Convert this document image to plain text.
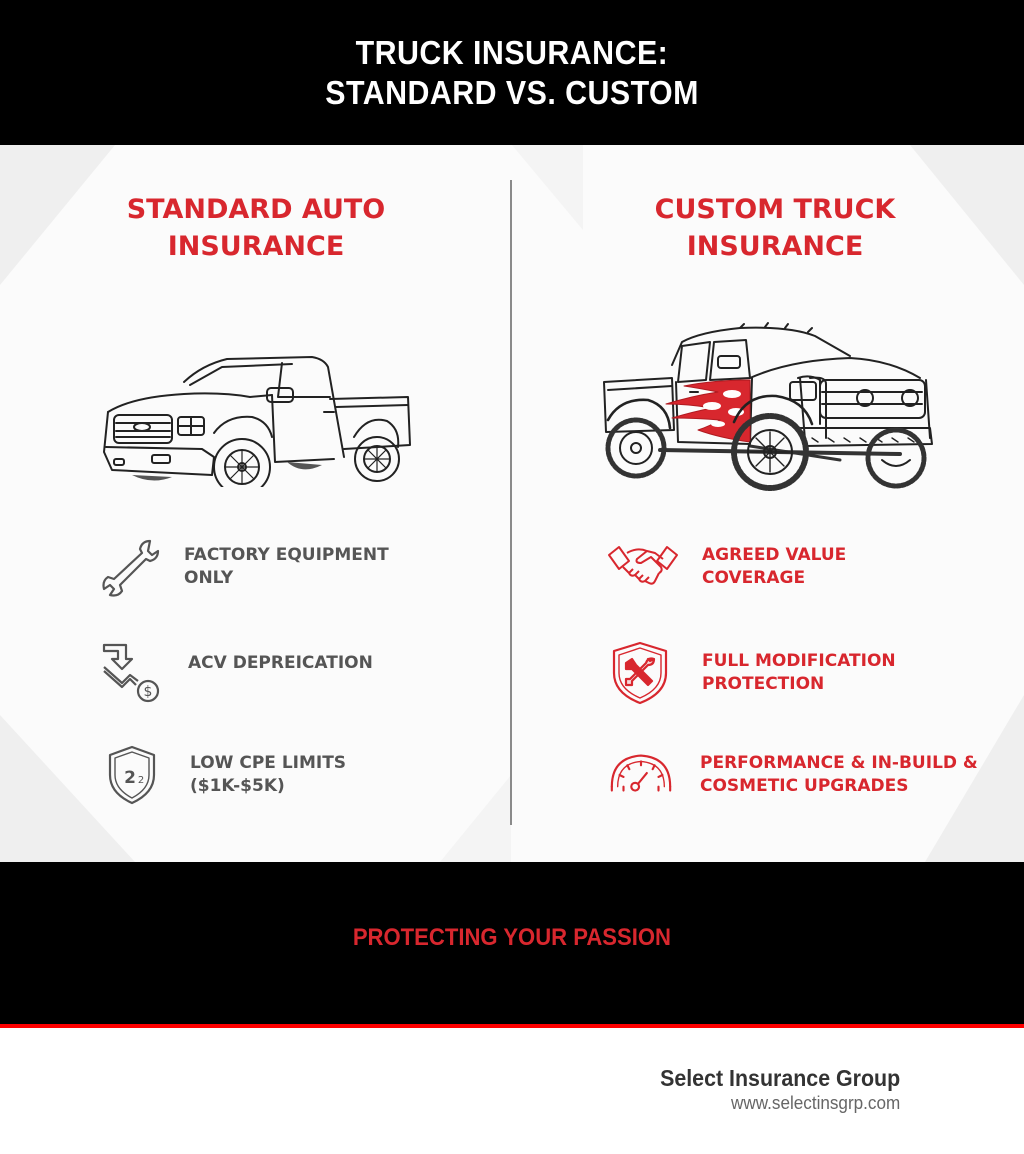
TRUCK INSURANCE:
STANDARD VS. CUSTOM
STANDARD AUTO
INSURANCE
FACTORY EQUIPMENT
ONLY
$
ACV DEPREICATION
2 2
LOW CPE LIMITS
($1K-$5K)
CUSTOM TRUCK
INSURANCE
AGREED VALUE
COVERAGE
FULL MODIFICATION
PROTECTION
PERFORMANCE & IN-BUILD &
COSMETIC UPGRADES
PROTECTING YOUR PASSION
Select Insurance Group
www.selectinsgrp.com
